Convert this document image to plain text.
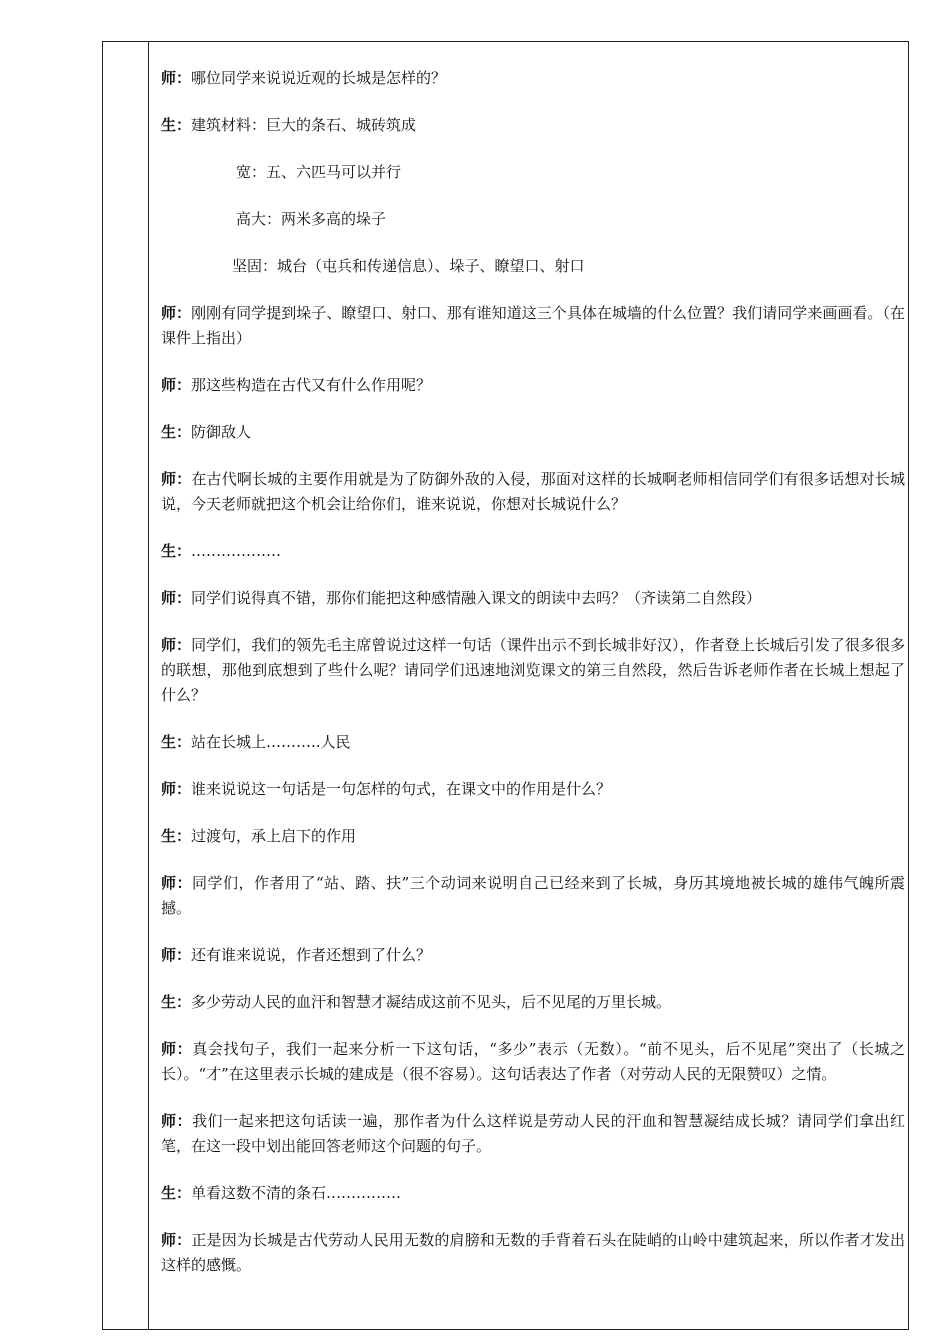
师：哪位同学来说说近观的长城是怎样的？

生：建筑材料：巨大的条石、城砖筑成

宽：五、六匹马可以并行

高大：两米多高的垛子

坚固：城台（屯兵和传递信息）、垛子、瞭望口、射口

师：刚刚有同学提到垛子、瞭望口、射口、那有谁知道这三个具体在城墙的什么位置？我们请同学来画画看。（在课件上指出）

师：那这些构造在古代又有什么作用呢？

生：防御敌人

师：在古代啊长城的主要作用就是为了防御外敌的入侵，那面对这样的长城啊老师相信同学们有很多话想对长城说，今天老师就把这个机会让给你们，谁来说说，你想对长城说什么？

生：………………

师：同学们说得真不错，那你们能把这种感情融入课文的朗读中去吗？（齐读第二自然段）

师：同学们，我们的领先毛主席曾说过这样一句话（课件出示不到长城非好汉），作者登上长城后引发了很多很多的联想，那他到底想到了些什么呢？请同学们迅速地浏览课文的第三自然段，然后告诉老师作者在长城上想起了什么？

生：站在长城上………..人民

师：谁来说说这一句话是一句怎样的句式，在课文中的作用是什么？

生：过渡句，承上启下的作用

师：同学们，作者用了“站、踏、扶”三个动词来说明自己已经来到了长城，身历其境地被长城的雄伟气魄所震撼。

师：还有谁来说说，作者还想到了什么？

生：多少劳动人民的血汗和智慧才凝结成这前不见头，后不见尾的万里长城。

师：真会找句子，我们一起来分析一下这句话，“多少”表示（无数）。“前不见头，后不见尾”突出了（长城之长）。“才”在这里表示长城的建成是（很不容易）。这句话表达了作者（对劳动人民的无限赞叹）之情。

师：我们一起来把这句话读一遍，那作者为什么这样说是劳动人民的汗血和智慧凝结成长城？请同学们拿出红笔，在这一段中划出能回答老师这个问题的句子。

生：单看这数不清的条石……………

师：正是因为长城是古代劳动人民用无数的肩膀和无数的手背着石头在陡峭的山岭中建筑起来，所以作者才发出这样的感慨。
